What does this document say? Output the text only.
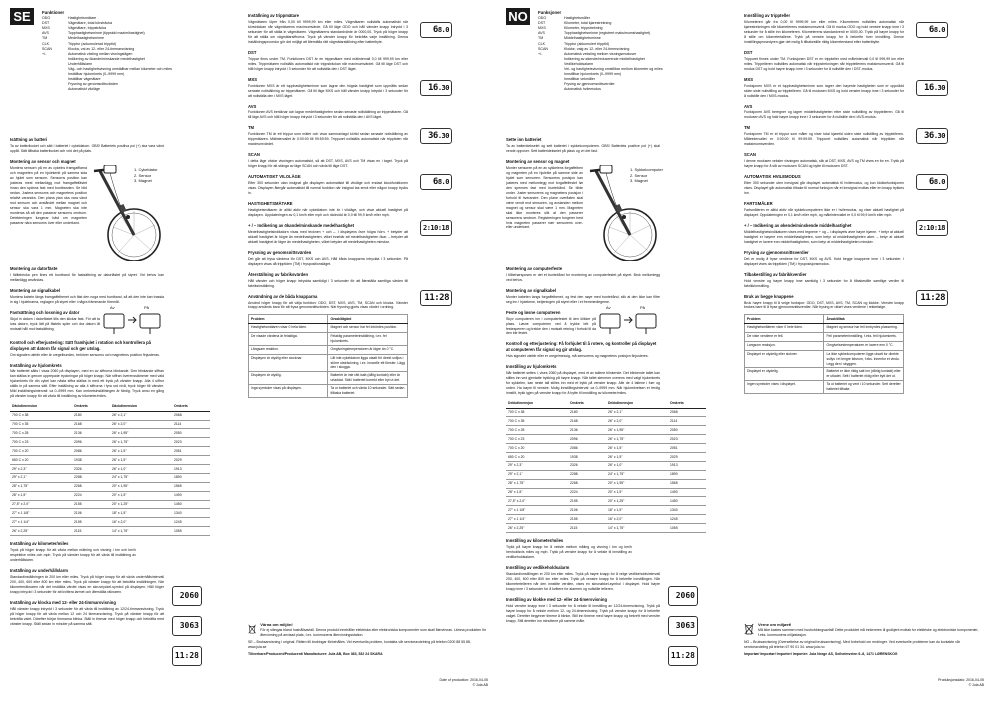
SE	Funktioner
ODO	Hastighetsmätare
DST	Vägmätare, total körsträcka
MXS	Vägmätare, trippsträcka
AVS	Topphastighetsminne (tippsidd maximihastighet)
TM	Medelhastighetsminne
CLK	Tripptur (ackumulerad tripptid)
SCAN	Klocka, val av 12- eller 24-timmarsvisning
+/-	Automatisk växling mellan visningslägen
Indikering av ökande/minskande medelhastighet
Underhållslarm
Väg- och hastighetsvisning omställbar mellan kilometer och miles
Inställbar hjulomkrets (0–9999 mm)
Inställbar vägmätare
Frysning av genomsnittsvärden
Automatiskt viloläge
Isättning av batteri

Ta av batterilocket och sätt i batteriet i cykeldatorn. OBS! Batteriets positiva pol (+) ska vara vänd uppåt. Sätt tillbaka batterilocket och vrid det på plats.

Montering av sensor och magnet

Montera sensorn på en av cykelns framgafflarna och magneten på en hjulekerkt på samma sida av hjulet som sensorn. Sensorns position kan justeras mest mellanlägg mot framgaffelfästet innan den spänns fast med buntbanden. Se bild nedan. Justera sensorns och magnetens position relativt varandra. Den plana ytan ska vara vänd mot sensorn och avståndet mellan magnet och sensor ska vara 1 mm. Magneten ska inte monteras så att den passerar sensorns centrum. Detekteringen fungerar bäst om magneten passerar nära sensorns över eller underkant.

1. Cykeldator
2. Sensor
3. Magnet
Montering av datorfäste

I fälltebricka pen fines ett buntband för fastsättning av datorfästet på styret. Vid behov kan mellanlägg användas.

Montering av signalkabel

Montera kabeln längs framgaffelbenet och fäst den noga med buntband, så att den inte kan trassla in sig i hjulekrarna, reglagen på styret eller i några främmande föremål.

Fastsättning och lossning av dator

Skjut in datorn i datorfästet tills den klickar fast. För att ta loss datorn, tryck lätt på fästets spärr och dra datorn åt motsatt håll mot fastsättning.

Av	På
Kontroll och efterjustering: Sätt framhjulet i rotation och kontrollera på displayen att datorn får signal och ger utslag.

Om signalen uteblir eller är oregelbunden, behöver sensorns och magnetens position finjusteras.

Inställning av hjulomkrets

När batteriet sätts i visas 2060 på displayen, med en av siffrorna blinkande. Den blinkande siffran kan ställas in genom upprepade tryckningar på höger knapp. När siffran överensstämmer med vald hjulomkrets för din cykel kan nästa siffra ställas in med ett tryck på vänster knapp. Alla 4 siffror ställs in på samma sätt. Efter inställning av alla 4 siffrorna i fyra ord nivå, tryck höger till vänster. Mild inställningsintervall: ca 0–9999 mm. Kan omkretsinställningen är färdig. Tryck annu en gång på vänster knapp för att växla till inställning av kilometer/miles.

Däckdimension	Omkrets	Däckdimension	Omkrets
700 C x 38	2180	26" x 2,1"	2068
700 C x 35	2168	26" x 2,0"	2114
700 C x 28	2136	26" x 1,95"	2050
700 C x 23	2096	26" x 1,75"	2023
700 C x 20	2086	26" x 1,5"	2051
650 C x 20	1938	26" x 1,5"	2029
29" x 2,3"	2326	26" x 1,0"	1913
29" x 2,1"	2288	24" x 1,75"	1890
28" x 1,75"	2268	20" x 1,95"	1565
28" x 1,5"	2224	20" x 1,5"	1490
27,5" x 2,0"	2155	20" x 1,25"	1450
27" x 1 1/8"	2106	18" x 1,5"	1340
27" x 1 1/4"	2155	16" x 2,0"	1245
26" x 2,25"	2115	14" x 1,75"	1055
Inställning av kilometer/miles

Tryck på höger knapp för att växla mellan mätning och visning i km och km/h respektive miles och mph. Tryck på vänster knapp för att växla till inställning av underhållslarm.

Inställning av underhållslarm

Standardinställningen är 200 km eller miles. Tryck på höger knapp för att växla underhållsintervall 200, 400, 600 eller 800 km eller miles. Tryck på vänster knapp för att bekräfta inställningen. När kilometerräknaren når det inställda värdet visas en skruvnyckel-symbol på displayen. Håll höger knapp intryckt i 3 sekunder för att kvittera larmet och återställa räknaren.

Inställning av klocka med 12- eller 24-timmarsvisning

Håll vänster knapp intryckt i 3 sekunder för att växla till inställning av 12/24-timmarsvisning. Tryck på höger knapp för att växla mellan 12 och 24 timmarsvisning. Tryck på vänster knapp för att bekräfta valet. Därefter börjar timmarna blinka. Ställ in timmar med höger knapp och bekräfta med vänster knapp. Ställ sedan in minuter på samma sätt.

Inställning av trippmätare

Vägmätaren löper från 0,00 till 9999,99 km eller miles. Vägmätaren nollställs automatiskt när körsträckan når vägmätarens maximumvärde. Gå till läge ODO och håll vänster knapp intryckt i 3 sekunder för att ställa in vägmätaren. Vägmätarens standardvärde är 0000,00. Tryck på höger knapp för att ställa om vägmätarsiffrorna. Tryck på vänster knapp för bekräfta varje inställning. Denna inställningsprocedur gör det möjligt att återställa rätt vägmätarställning efter batteribyte.

DST

Trippar finns under TM. Funktionen DST är en trippmätare med mätintervall 0,0 till 999,99 km eller miles. Trippmätaren nollställs automatiskt när trippsträckan når maximumvärdet. Gå till läge DST och håll höger knapp intryckt i 3 sekunder för att nollställa den i DST läget.

MXS

Funktionen MXS är ett topphastighetsminne som lagrar den högsta hastighet som uppnåtts sedan senaste nollställning av trippmätaren. Gå till läge MXS och håll vänster knapp intryckt i 3 sekunder för att nollställa den i MXS läget.

AVS

Funktionen AVS beräknar och lagrar medelhastigheten sedan senaste nollställning av trippmätaren. Gå till läge AVS och håll höger knapp intryckt i 3 sekunder för att nollställa den i AVS läget.

TM

Funktionen TM är ett trippur som mäter och visar sammanlagd körtid sedan senaste nollställning av trippmätaren. Mätintervallet är 0:00:00 till 99:59:59. Trippuret nollställs automatiskt när tripptiden når maximumvärdet.

SCAN

I detta läge växlar visningen automatiskt, så att DST, MXS, AVS och TM visas en i taget. Tryck på höger knapp för att stänga av läge SCAN och växla till läge DST.

AUTOMATISKT VILOLÄGE

Efter 300 sekunder utan insignal går displayen automatiskt till viloläge och endast klockfunktionen visas. Displayen återgår automatiskt till normal funktion när insignal tas emot eller någon knapp trycks in.

HASTIGHETSMÄTARE

Hastighetsmätaren är alltid aktiv när cykeldatorn inte är i viloläge, och visar aktuell hastighet på displayen. Uppdateringen av 0,1 km/h eller mph och räckvidd är 0,0 till 99,9 km/h eller mph.

+ / – Indikering av ökande/minskande medelhastighet

Medelhastighetsindikatorn visas med tecknen + och –. I displayens övre högra hörn. + betyder att aktuell hastighet är högre än medelhastigheten, vilket innebär att medelhastigheten ökar. – betyder att aktuell hastighet är lägre än medelhastigheten, vilket betyder att medelhastigheten minskar.

Frysning av genomsnittsvärden

Det går att frysa värdena för DST, MXS och AVS. Håll båda knapparna intryckta i 3 sekunder. På displayen visas då tripptiden (TM) i fryspositionsläget.

Återställning av fabriksvärden

Håll vänster och höger knapp intryckta samtidigt i 3 sekunder för att återställa samtliga värden till fabriksinställning.

Användning av de båda knapparna

Använd höger knapp för att välja funktion: ODO, DST, MXS, AVS, TM, SCAN och klocka. Vänster knapp används bara för att frysa genomsnittsvärden. När frysning gjorts visas värdet i ordning.

Problem	Orsak/åtgärd
Hastighetsmätaren visar 0 hela tiden.	Magnet och sensor har fel inbördes position.
De visade värdena är felaktiga.	Felaktig parameterinställning, t.ex. fel hjulomkrets.
Långsam reaktion.	Omgivningstemperaturen är lägre än 0 °C.
Displayen är otydlig eller slocknar.	Låt inte cykeldatorn ligga utsatt för direkt solljus i större utsträckning, i.ex. innanför ett fönster. Lägg den i skugga.
Displayen är otydlig.	Batteriet är inte rätt isatt (dålig kontakt) eller är urladdat. Sätt i batteriet korrekt eller byt ut det.
Inga symboler visas på displayen.	Ta ur batteriet och vänta 10 sekunder. Sätt sedan tillbaka batteriet.
68.0
16.30
36.30
68.0
2:10:18
11:28
3063
11:28
2060
Värna om miljön!
För ej slängas bland hushållsavfall. Denna produkt innehåller elektriska eller elektroniska komponenter som skall återvinnas. Lämna produkten för återvinning på anvisad plats, t.ex. kommunens återvinningsstation.
SE – Bruksanvisning i original. Rätten till ändringar förbehålles. Vid eventuella problem, kontakta vår serviceavdelning på telefon 0200 88 55 88. www.jula.se
Tillverkare/Producent/Producent/ Manufacturer: Jula AB, Box 363, 532 24 SKARA
Date of production: 2016-04-05
© Jula AB
NO	Funksjoner
ODO	Hastighetsmåler
DST	Kilometer, total kjørestrekning
MXS	Kilometer, trippstrekning
AVS	Topphastighetsminne (registrert maksimumshastighet)
TM	Middelhastighetsminne
CLK	Tripptur (akkumulert tripptid)
SCAN	Klokke, valg av 12- eller 24-timersvisning
+/-	Automatisk veksling mellom visningsmoduser
Indikering av økende/reduserende middelhastighet
Vedlikeholdsalarm
Vei- og hastighetsvisning omstillbar mellom kilometer og miles
Innstillbar hjulomkrets (0–9999 mm)
Innstillbar vekmåler
Frysing av gjennomsnittsverdier
Automatisk hvilemodus
Sette inn batteriet

Ta av batteridekselet og sett batteriet i sykkelcomputeren. OBS! Batteriets positive pol (+) skal vende oppover. Sett batteridekselet på plass og vri det fast.

Montering av sensor og magnet

Monter sensoren på en av sykkelens forgaffelben og magneten på en hjuleike på samme side av hjulet som sensoren. Sensorens posisjon kan justeres med mellomlegg mot forgaffelfestet før den spennes fast med buntebånd. Se bilde under. Juster sensorens og magnetens posisjon i forhold til hverandre. Den plane overflaten skal være vendt mot sensoren, og avstanden mellom magnet og sensor skal være 1 mm. Magneten skal ikke monteres slik at den passerer sensorens sentrum. Registreringen fungerer best hvis magneten passerer nær sensorens over- eller underkant.

1. Sykkelcomputer
2. Sensor
3. Magnet
Montering av computerfeste

I tillbehørsposen er det et buntebånd for montering av computerfestet på styret. Bruk mellomlegg ved behov.

Montering av signalkabel

Monter kabelen langs forgaffelbenet, og fest den nøye med buntebånd, slik at den ikke kan filtre seg inn i hjulekene, betjeningen på styret eller i et fremmedlegeme.

Feste og løsne computeren

Skyv computeren inn i computerfestet til den klikker på plass. Løsne computeren ved å trykke lett på festesperren og trekke den i motsatt retning i forhold til da den ble festet.

Av	På
Kontroll og etterjustering: Få forhjulet til å rotere, og kontroller på displayet at computeren får signal og gir utslag.

Hvis signalet uteblir eller er uregelmessig, må sensorens og magnetens posisjon finjusteres.

Innstilling av hjulomkrets

Når batteriet settes i, vises 2060 på displayet, med et av tallene blinkende. Det blinkende tallet kan stilles inn ved gjentatte trykking på høyre knapp. Når tallet stemmer overens med valgt hjulomkrets for sykkelen, kan neste tall stilles inn med et trykk på venstre knapp. Alle de 4 tallene i fuer og orden. Ha høyre til venstre. Mulig innstillingsinterval: ca 0–9999 mm. Når hjulomkretsen er ferdig innstilt, trykk igjen på venstre knapp for å bytte til innstilling av kilometer/miles.

Dekkdimensjon	Omkrets	Dekkdimensjon	Omkrets
700 C x 38	2180	26" x 2,1"	2068
700 C x 35	2168	26" x 2,0"	2114
700 C x 28	2136	26" x 1,95"	2050
700 C x 23	2096	26" x 1,75"	2023
700 C x 20	2086	26" x 1,5"	2051
650 C x 20	1938	26" x 1,5"	2029
29" x 2,3"	2326	26" x 1,0"	1913
29" x 2,1"	2288	24" x 1,75"	1890
28" x 1,75"	2268	20" x 1,95"	1565
28" x 1,5"	2224	20" x 1,5"	1490
27,5" x 2,0"	2155	20" x 1,25"	1450
27" x 1 1/8"	2106	18" x 1,5"	1340
27" x 1 1/4"	2155	16" x 2,0"	1245
26" x 2,25"	2115	14" x 1,75"	1055
Innstilling av kilometer/miles

Trykk på høyre knapp for å veksle mellom måling og visning i km og km/h henholdsvis miles og mph. Trykk på venstre knapp for å veksle til innstilling av vedlikeholdsalarm.

Innstilling av vedlikeholdsalarm

Standardinnstillingen er 200 km eller miles. Trykk på høyre knapp for å velge vedlikeholdsintervall 200, 400, 600 eller 800 km eller miles. Trykk på venstre knapp for å bekrefte innstillingen. Når kilometertelleren når den innstilte verdien, vises en skrunøkkel-symbol i displayet. Hold høyre knapp inne i 3 sekunder for å kvittere for alarmen og nullstille telleren.

Innstilling av klokke med 12- eller 24-timersvisning

Hold venstre knapp inne i 3 sekunder for å veksle til innstilling av 12/24-timersvisning. Trykk på høyre knapp for å veksle mellom 12- og 24-timersvisning. Trykk på venstre knapp for å bekrefte valget. Deretter begynner timene å blinke. Still inn timene med høyre knapp og bekreft med venstre knapp. Still deretter inn minuttene på samme måte.

Innstilling av trippteller

Kilometeren går fra 0,00 til 9999,99 km eller miles. Kilometeren nullstilles automatisk når kjørestrekningen når kilometerens maksimumsverdi. Gå til modus ODO og hold venstre knapp inne i 3 sekunder for å stille inn kilometeren. Kilometerens standardverdi er 0000,00. Trykk på høyre knapp for å stille om kilometertallene. Trykk på venstre knapp for å bekrefte hver innstilling. Denne innstillingsprosedyren gjør det mulig å tilbakestille riktig kilometerstand etter batteribytte.

DST

Trippuret finnes under TM. Funksjonen DST er en trippteller med måleintervall 0,0 til 999,99 km eller miles. Trippelleren nullstilles automatisk når trippstrekningen når tripptellerens maksimumsverdi. Gå til modus DST og hold høyre knapp inne i 3 sekunder for å nullstille den i DST-modus.

MXS

Funksjonen MXS er et topphastighetsminne som lagrer den høyeste hastigheten som er oppnådd siden siste nullstilling av tripptelleren. Gå til modusen MXS og hold venstre knapp inne i 3 sekunder for å nullstille den i MXS-modus.

AVS

Funksjonen AVS beregner og lagrer middelhastigheten etter siste nullstilling av tripptelleren. Gå til modusen AVS og hold høyre knapp inne i 3 sekunder for å nullstille den i AVS-modus.

TM

Funksjonen TM er et trippur som måler og viser total kjøretid siden siste nullstilling av tripptelleren. Måleintervallet er 0:00:00 til 99:59:59. Trippuret nullstilles automatisk når tripptiden når maksimumsverdien.

SCAN

I denne modusen veksler visningen automatisk, slik at DST, MXS, AVS og TM vises en for en. Trykk på høyre knapp for å slå av modusen SCAN og bytte til modusen DST.

AUTOMATISK HVILEMODUS

Etter 300 sekunder uten innsignal går displayet automatisk til hvilemodus, og kun klokkefunksjonen vises. Displayet går automatisk tilbake til normal funksjon når et innsignal mottas eller en knapp trykkes inn.

FARTSMÅLER

Fartsmåleren er alltid aktiv når sykkelcomputeren ikke er i hvilemodus, og viser aktuell hastighet på displayet. Oppdateringen er 0,1 km/h eller mph, og måleintervallet er 0,0 til 99,9 km/h eller mph.

+ / – Indikering av økende/minskende middelhastighet

Middelhastighetsindikatoren vises med tegnene + og – i displayets øvre høyre hjørne. + betyr at aktuell hastighet er høyere enn middelhastigheten, som betyr at middelhastigheten øker. – betyr at aktuell hastighet er lavere enn middelhastigheten, som betyr at middelhastigheten minsker.

Frysing av gjennomsnittsverdier

Det er mulig å fryse verdiene for DST, MXS og AVS. Hold begge knappene inne i 3 sekunder. I displayet vises da tripptiden (TM) i frysposisjonsmodus.

Tilbakestilling av fabrikkverdier

Hold venstre og høyre knapp inne samtidig i 3 sekunder for å tilbakestille samtlige verdier til fabrikkinnstilling.

Bruk av begge knappene

Bruk høyre knapp til å velge funksjon: ODO, DST, MXS, AVS, TM, SCAN og klokke. Venstre knapp brukes bare til å fryse gjennomsnittsverdier. Når frysing er utført vises verdiene i rekkefølge.

Problem	Årsak/tiltak
Hastighetsmåleren viser 0 hele tiden.	Magnet og sensor har feil innbyrdes plassering.
De viste verdiene er feil.	Feil parameterinnstilling, f.eks. feil hjulomkrets.
Langsom reaksjon.	Omgivelsestemperaturen er lavere enn 0 °C.
Displayet er utydelig eller slokner.	La ikke sykkelcomputeren ligge utsatt for direkte sollys i et lengre tidsrom, f.eks. innenfor et vindu. Legg den i skyggen.
Displayet er utydelig.	Batteriet er ikke riktig satt inn (dårlig kontakt) eller er utladet. Sett i batteriet riktig eller bytt det ut.
Ingen symboler vises i displayet.	Ta ut batteriet og vent i 10 sekunder. Sett deretter batteriet tilbake.
68.0
16.30
36.30
68.0
2:10:18
11:28
3063
11:28
2060
Verne om miljøet!
Må ikke kastes sammen med husholdningsavfall! Dette produktet må innleveres til godkjent mottak for elektriske og elektroniske komponenter, f.eks. kommunens miljøstasjon.
NO – Bruksanvisning (Oversettelse av original bruksanvisning). Med forbehold om endringer. Ved eventuelle problemer kan du kontakte vår serviceavdeling på telefon 67 90 01 34. www.jula.no
Importør/ Importør/ Importer/ Importer: Jula Norge AS, Solheimveien 6–8, 1471 LØRENSKOG
Produksjonsdato: 2016-04-05
© Jula AB
